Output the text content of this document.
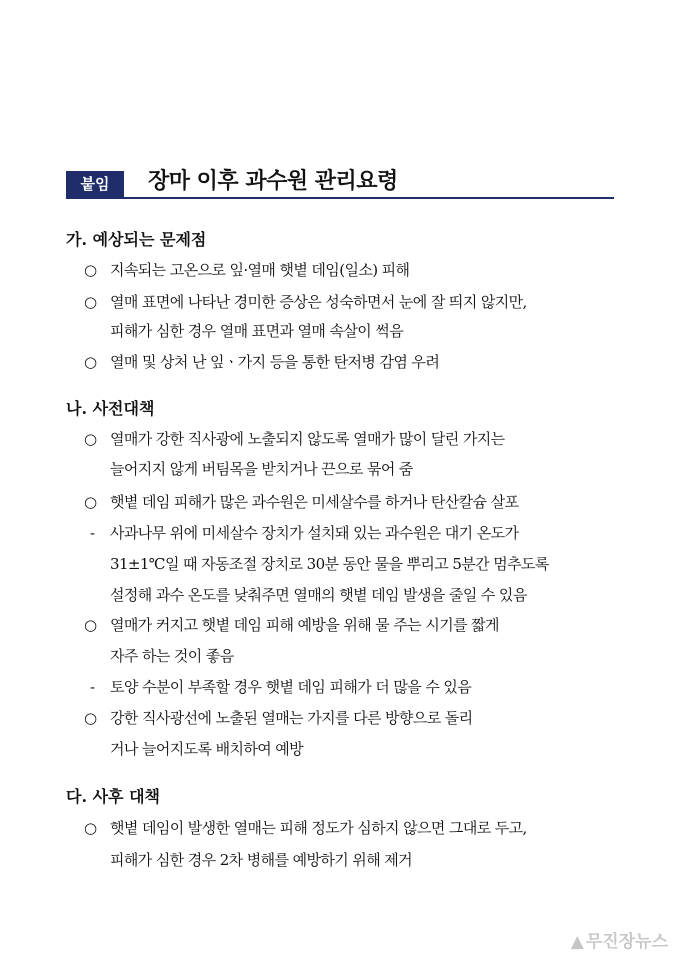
붙임	장마 이후 과수원 관리요령
가. 예상되는 문제점
○ 지속되는 고온으로 잎·열매 햇볕 데임(일소) 피해
○ 열매 표면에 나타난 경미한 증상은 성숙하면서 눈에 잘 띄지 않지만,
피해가 심한 경우 열매 표면과 열매 속살이 썩음
○ 열매 및 상처 난 잎ㆍ가지 등을 통한 탄저병 감염 우려
나. 사전대책
○ 열매가 강한 직사광에 노출되지 않도록 열매가 많이 달린 가지는
늘어지지 않게 버팀목을 받치거나 끈으로 묶어 줌
○ 햇볕 데임 피해가 많은 과수원은 미세살수를 하거나 탄산칼슘 살포
- 사과나무 위에 미세살수 장치가 설치돼 있는 과수원은 대기 온도가
31±1℃일 때 자동조절 장치로 30분 동안 물을 뿌리고 5분간 멈추도록
설정해 과수 온도를 낮춰주면 열매의 햇볕 데임 발생을 줄일 수 있음
○ 열매가 커지고 햇볕 데임 피해 예방을 위해 물 주는 시기를 짧게
자주 하는 것이 좋음
- 토양 수분이 부족할 경우 햇볕 데임 피해가 더 많을 수 있음
○ 강한 직사광선에 노출된 열매는 가지를 다른 방향으로 돌리
거나 늘어지도록 배치하여 예방
다. 사후 대책
○ 햇볕 데임이 발생한 열매는 피해 정도가 심하지 않으면 그대로 두고,
피해가 심한 경우 2차 병해를 예방하기 위해 제거
▲ 무진장뉴스
